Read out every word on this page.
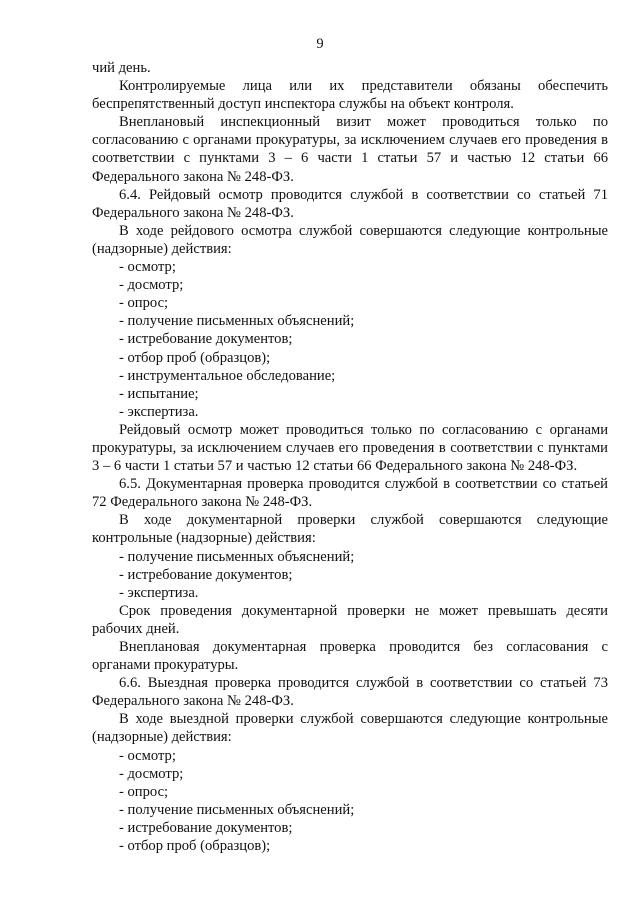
9

чий день.

Контролируемые лица или их представители обязаны обеспечить беспрепятственный доступ инспектора службы на объект контроля.

Внеплановый инспекционный визит может проводиться только по согласованию с органами прокуратуры, за исключением случаев его проведения в соответствии с пунктами 3 – 6 части 1 статьи 57 и частью 12 статьи 66 Федерального закона № 248-ФЗ.

6.4. Рейдовый осмотр проводится службой в соответствии со статьей 71 Федерального закона № 248-ФЗ.

В ходе рейдового осмотра службой совершаются следующие контрольные (надзорные) действия:

- осмотр;
- досмотр;
- опрос;
- получение письменных объяснений;
- истребование документов;
- отбор проб (образцов);
- инструментальное обследование;
- испытание;
- экспертиза.

Рейдовый осмотр может проводиться только по согласованию с органами прокуратуры, за исключением случаев его проведения в соответствии с пунктами 3 – 6 части 1 статьи 57 и частью 12 статьи 66 Федерального закона № 248-ФЗ.

6.5. Документарная проверка проводится службой в соответствии со статьей 72 Федерального закона № 248-ФЗ.

В ходе документарной проверки службой совершаются следующие контрольные (надзорные) действия:

- получение письменных объяснений;
- истребование документов;
- экспертиза.

Срок проведения документарной проверки не может превышать десяти рабочих дней.

Внеплановая документарная проверка проводится без согласования с органами прокуратуры.

6.6. Выездная проверка проводится службой в соответствии со статьей 73 Федерального закона № 248-ФЗ.

В ходе выездной проверки службой совершаются следующие контрольные (надзорные) действия:

- осмотр;
- досмотр;
- опрос;
- получение письменных объяснений;
- истребование документов;
- отбор проб (образцов);
